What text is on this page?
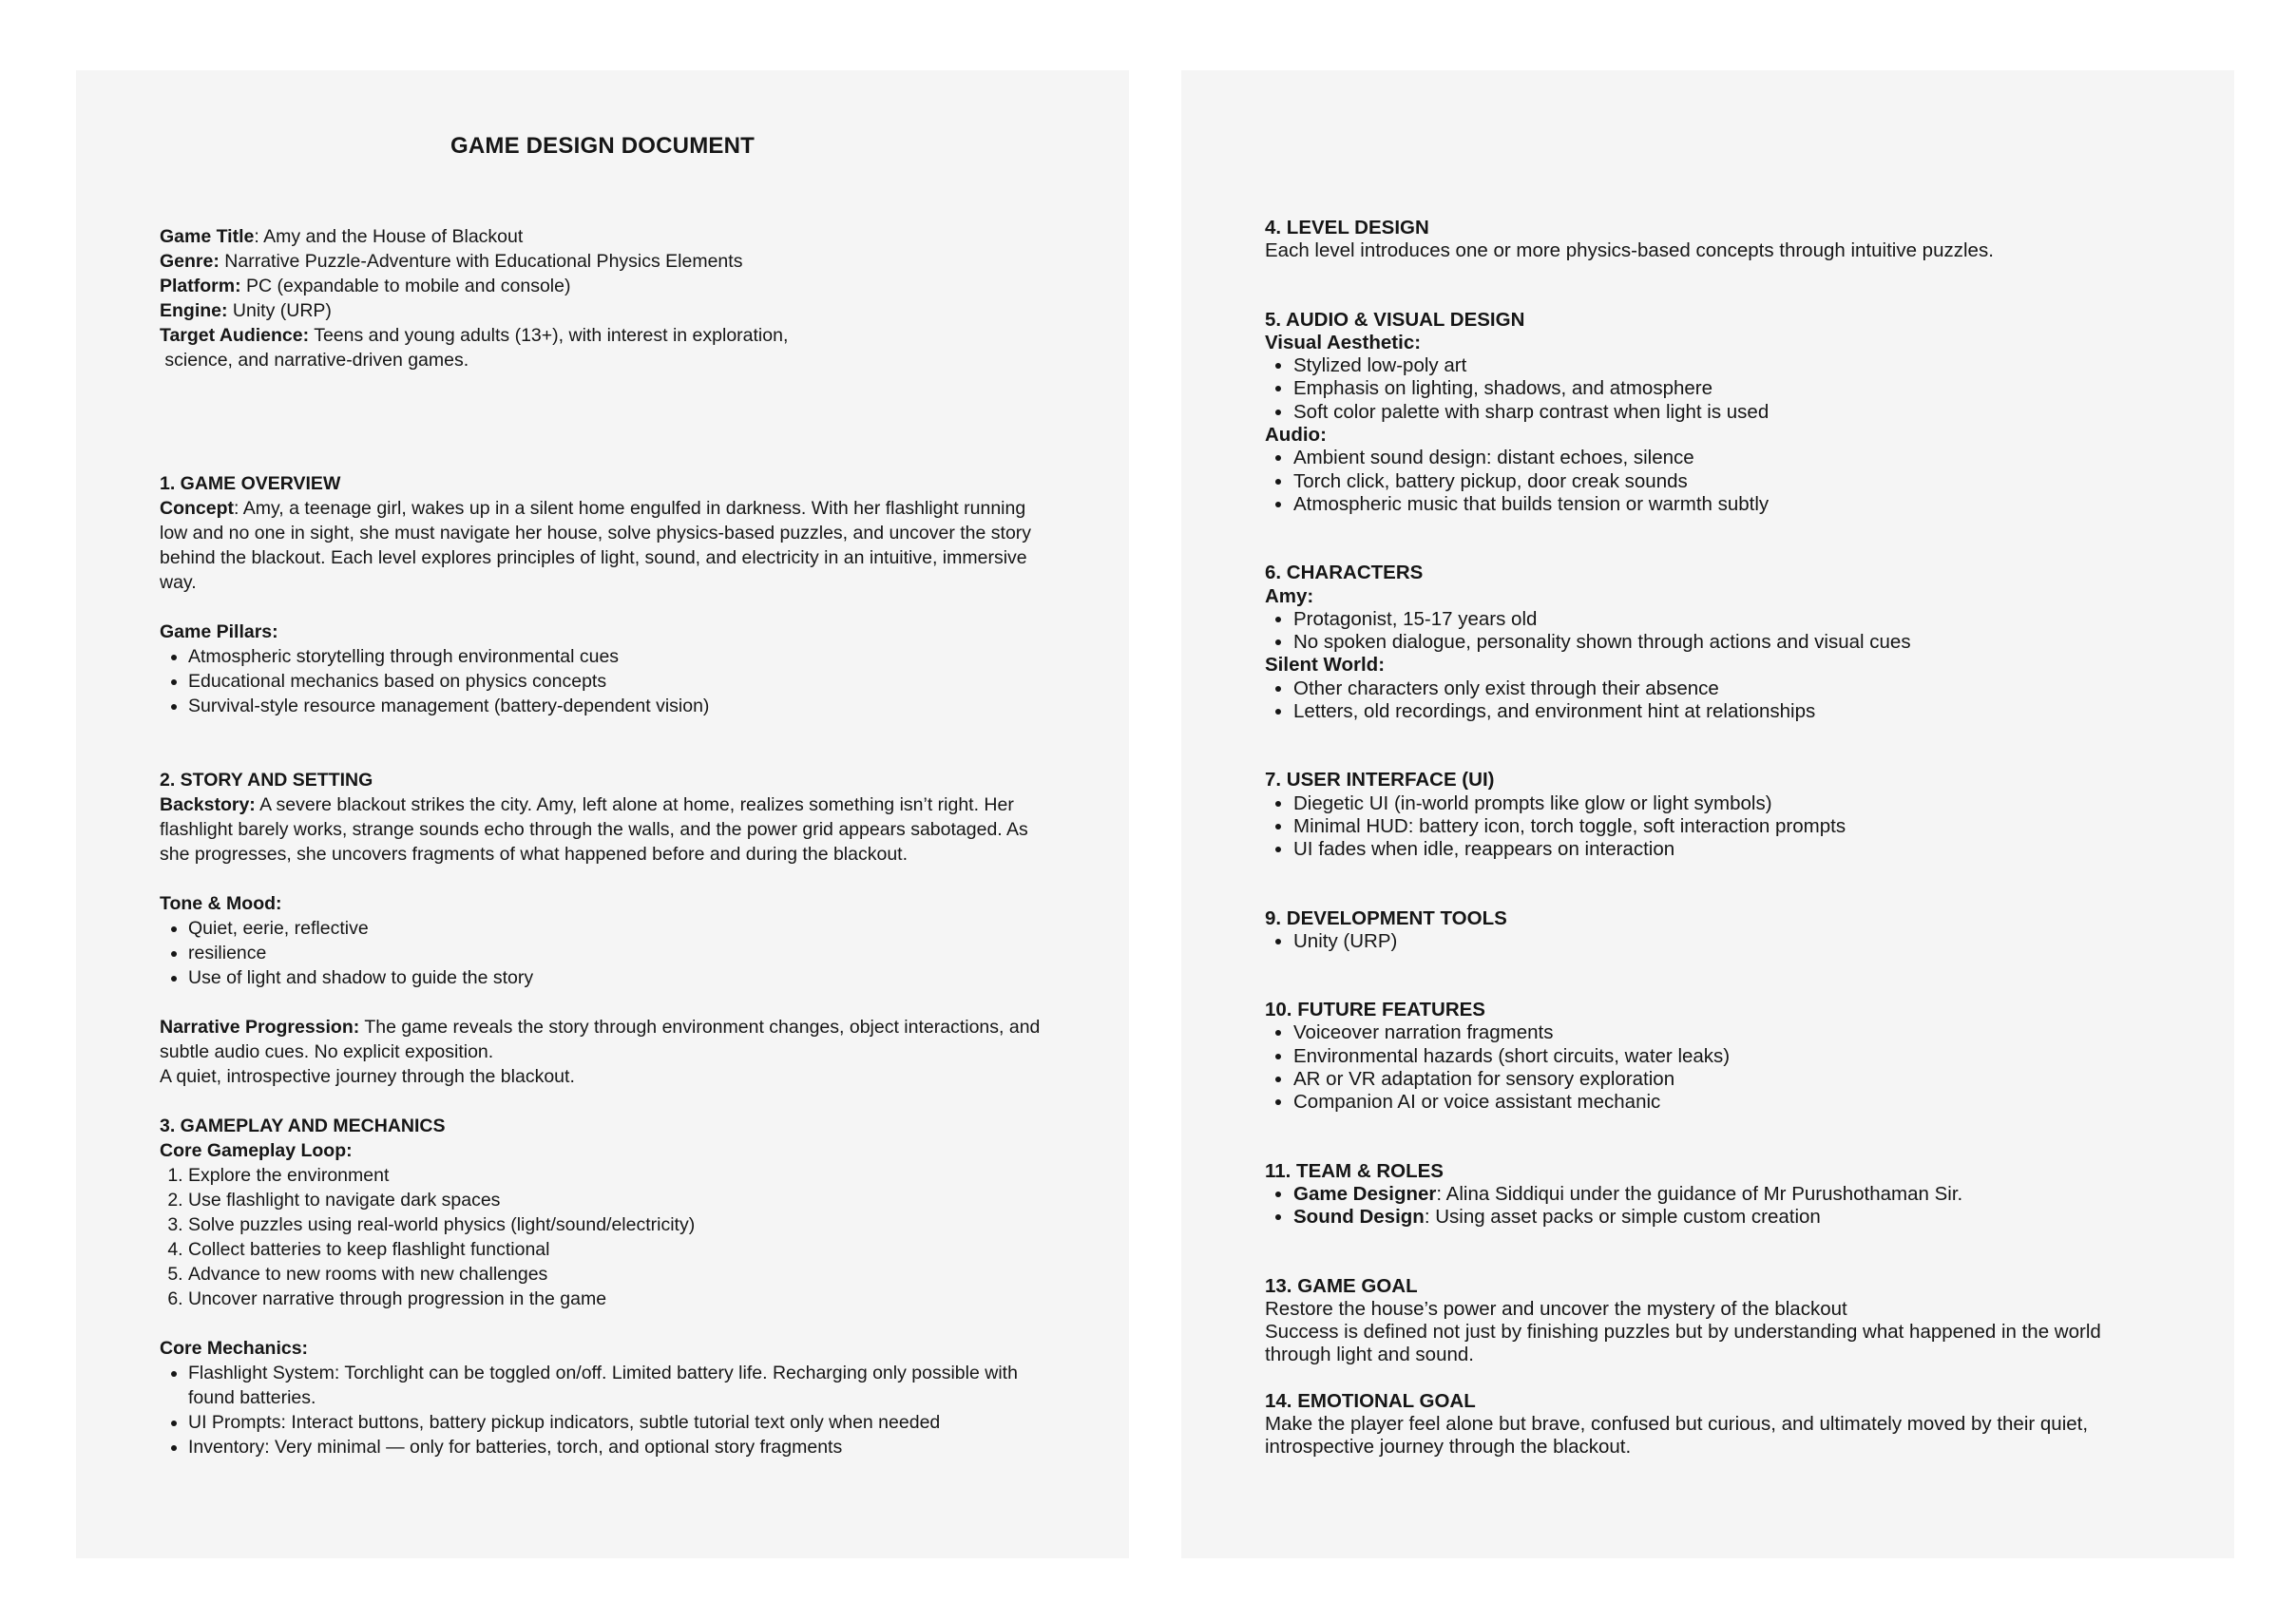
GAME DESIGN DOCUMENT

Game Title: Amy and the House of Blackout

Genre: Narrative Puzzle-Adventure with Educational Physics Elements

Platform: PC (expandable to mobile and console)

Engine: Unity (URP)

Target Audience: Teens and young adults (13+), with interest in exploration,

science, and narrative-driven games.

1. GAME OVERVIEW

Concept: Amy, a teenage girl, wakes up in a silent home engulfed in darkness. With her flashlight running low and no one in sight, she must navigate her house, solve physics-based puzzles, and uncover the story behind the blackout. Each level explores principles of light, sound, and electricity in an intuitive, immersive way.

Game Pillars:

• Atmospheric storytelling through environmental cues
• Educational mechanics based on physics concepts
• Survival-style resource management (battery-dependent vision)

2. STORY AND SETTING

Backstory: A severe blackout strikes the city. Amy, left alone at home, realizes something isn’t right. Her flashlight barely works, strange sounds echo through the walls, and the power grid appears sabotaged. As she progresses, she uncovers fragments of what happened before and during the blackout.

Tone & Mood:

• Quiet, eerie, reflective
• resilience
• Use of light and shadow to guide the story

Narrative Progression: The game reveals the story through environment changes, object interactions, and subtle audio cues. No explicit exposition.

A quiet, introspective journey through the blackout.

3. GAMEPLAY AND MECHANICS

Core Gameplay Loop:

1. Explore the environment
2. Use flashlight to navigate dark spaces
3. Solve puzzles using real-world physics (light/sound/electricity)
4. Collect batteries to keep flashlight functional
5. Advance to new rooms with new challenges
6. Uncover narrative through progression in the game

Core Mechanics:

• Flashlight System: Torchlight can be toggled on/off. Limited battery life. Recharging only possible with found batteries.
• UI Prompts: Interact buttons, battery pickup indicators, subtle tutorial text only when needed
• Inventory: Very minimal — only for batteries, torch, and optional story fragments

4. LEVEL DESIGN

Each level introduces one or more physics-based concepts through intuitive puzzles.

5. AUDIO & VISUAL DESIGN

Visual Aesthetic:

• Stylized low-poly art
• Emphasis on lighting, shadows, and atmosphere
• Soft color palette with sharp contrast when light is used

Audio:

• Ambient sound design: distant echoes, silence
• Torch click, battery pickup, door creak sounds
• Atmospheric music that builds tension or warmth subtly

6. CHARACTERS

Amy:

• Protagonist, 15-17 years old
• No spoken dialogue, personality shown through actions and visual cues

Silent World:

• Other characters only exist through their absence
• Letters, old recordings, and environment hint at relationships

7. USER INTERFACE (UI)

• Diegetic UI (in-world prompts like glow or light symbols)
• Minimal HUD: battery icon, torch toggle, soft interaction prompts
• UI fades when idle, reappears on interaction

9. DEVELOPMENT TOOLS

• Unity (URP)

10. FUTURE FEATURES

• Voiceover narration fragments
• Environmental hazards (short circuits, water leaks)
• AR or VR adaptation for sensory exploration
• Companion AI or voice assistant mechanic

11. TEAM & ROLES

• Game Designer: Alina Siddiqui under the guidance of Mr Purushothaman Sir.
• Sound Design: Using asset packs or simple custom creation

13. GAME GOAL

Restore the house’s power and uncover the mystery of the blackout

Success is defined not just by finishing puzzles but by understanding what happened in the world through light and sound.

14. EMOTIONAL GOAL

Make the player feel alone but brave, confused but curious, and ultimately moved by their quiet, introspective journey through the blackout.
